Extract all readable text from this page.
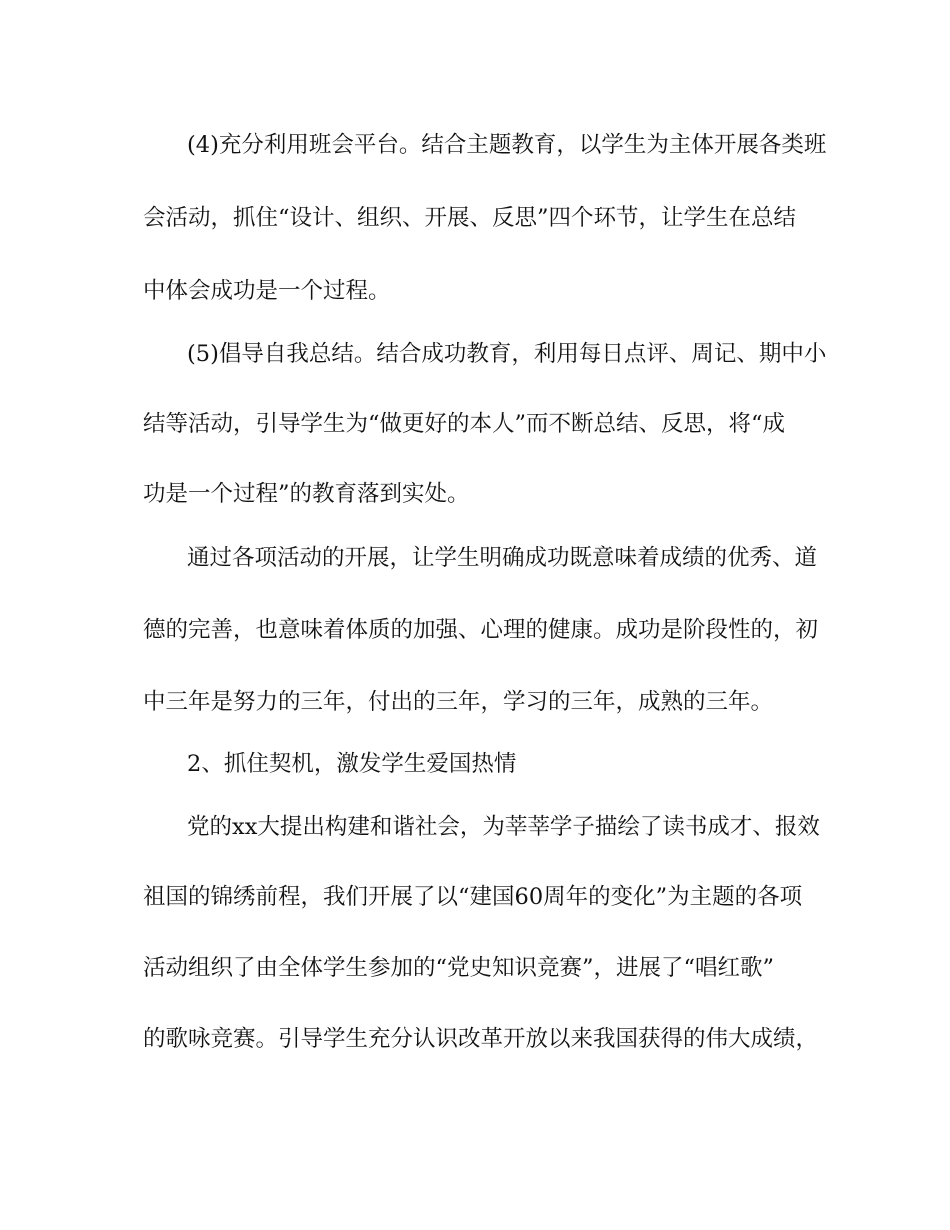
(4)充分利用班会平台。结合主题教育，以学生为主体开展各类班
会活动，抓住“设计、组织、开展、反思”四个环节，让学生在总结
中体会成功是一个过程。
(5)倡导自我总结。结合成功教育，利用每日点评、周记、期中小
结等活动，引导学生为“做更好的本人”而不断总结、反思，将“成
功是一个过程”的教育落到实处。
通过各项活动的开展，让学生明确成功既意味着成绩的优秀、道
德的完善，也意味着体质的加强、心理的健康。成功是阶段性的，初
中三年是努力的三年，付出的三年，学习的三年，成熟的三年。
2、抓住契机，激发学生爱国热情
党的xx大提出构建和谐社会，为莘莘学子描绘了读书成才、报效
祖国的锦绣前程，我们开展了以“建国60周年的变化”为主题的各项
活动组织了由全体学生参加的“党史知识竞赛”，进展了“唱红歌”
的歌咏竞赛。引导学生充分认识改革开放以来我国获得的伟大成绩，
